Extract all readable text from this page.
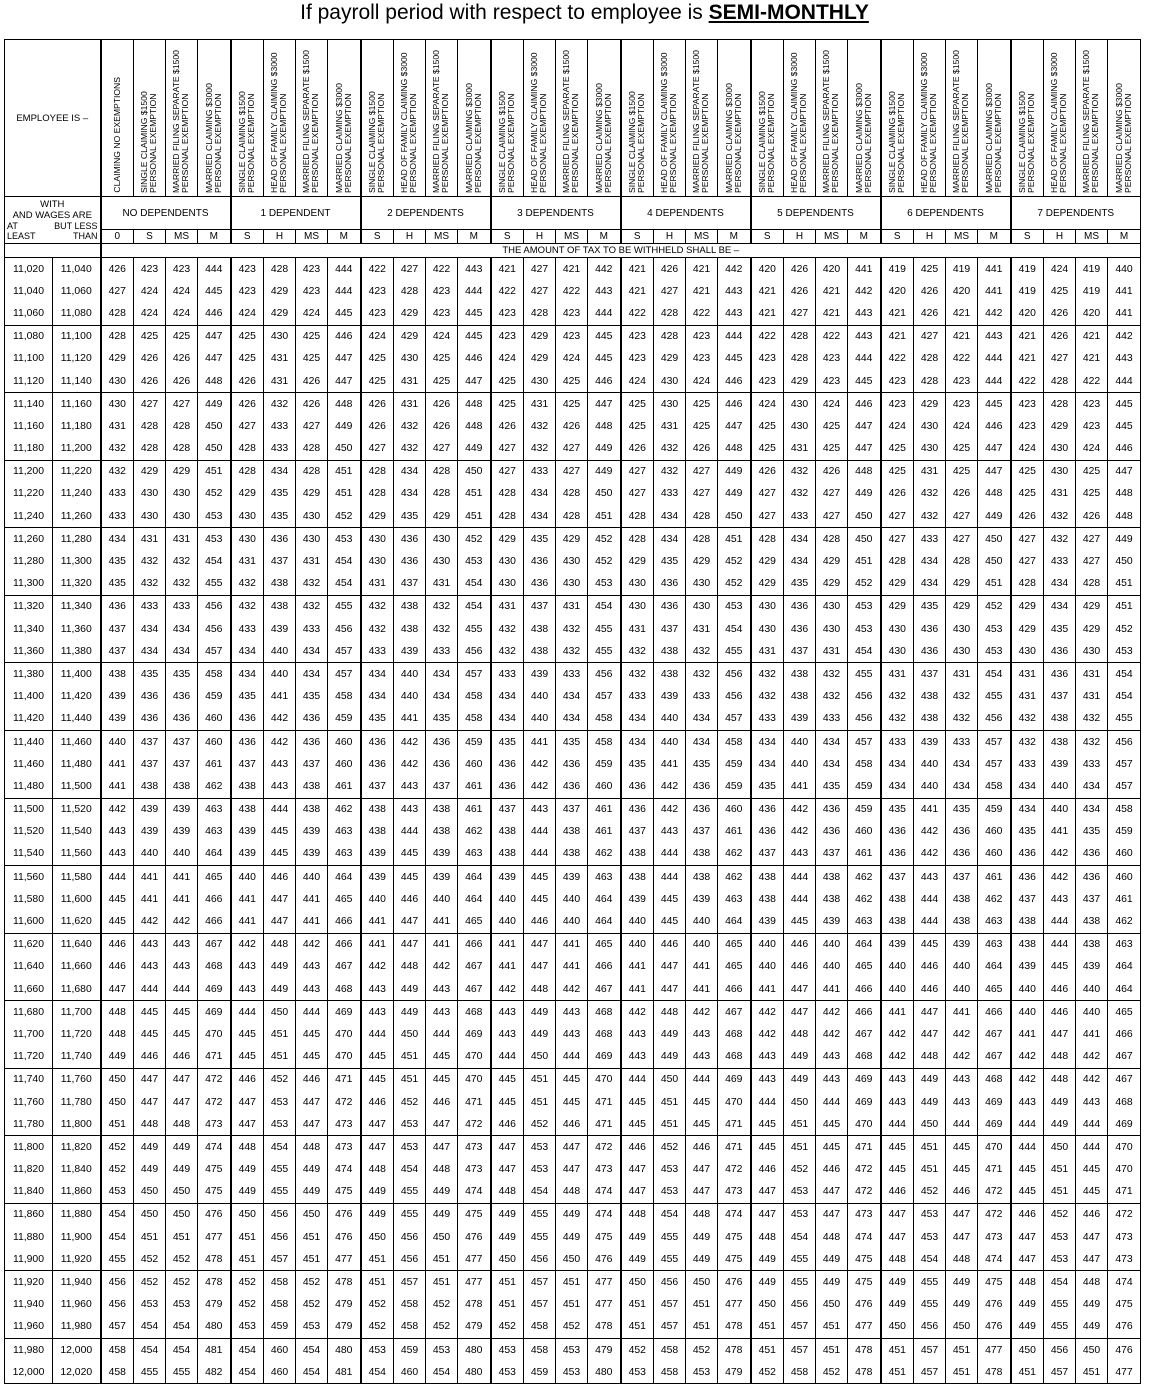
If payroll period with respect to employee is SEMI-MONTHLY
EMPLOYEE IS –		CLAIMING NO EXEMPTIONS	SINGLE CLAIMING $1500 PERSONAL EXEMPTION	MARRIED FILING SEPARATE $1500 PERSONAL EXEMPTION	MARRIED CLAIMING $3000 PERSONAL EXEMPTION	SINGLE CLAIMING $1500 PERSONAL EXEMPTION	HEAD OF FAMILY CLAIMING $3000 PERSONAL EXEMPTION	MARRIED FILING SEPARATE $1500 PERSONAL EXEMPTION	MARRIED CLAIMING $3000 PERSONAL EXEMPTION	SINGLE CLAIMING $1500 PERSONAL EXEMPTION	HEAD OF FAMILY CLAIMING $3000 PERSONAL EXEMPTION	MARRIED FILING SEPARATE $1500 PERSONAL EXEMPTION	MARRIED CLAIMING $3000 PERSONAL EXEMPTION	SINGLE CLAIMING $1500 PERSONAL EXEMPTION	HEAD OF FAMILY CLAIMING $3000 PERSONAL EXEMPTION	MARRIED FILING SEPARATE $1500 PERSONAL EXEMPTION	MARRIED CLAIMING $3000 PERSONAL EXEMPTION	SINGLE CLAIMING $1500 PERSONAL EXEMPTION	HEAD OF FAMILY CLAIMING $3000 PERSONAL EXEMPTION	MARRIED FILING SEPARATE $1500 PERSONAL EXEMPTION	MARRIED CLAIMING $3000 PERSONAL EXEMPTION	SINGLE CLAIMING $1500 PERSONAL EXEMPTION	HEAD OF FAMILY CLAIMING $3000 PERSONAL EXEMPTION	MARRIED FILING SEPARATE $1500 PERSONAL EXEMPTION	MARRIED CLAIMING $3000 PERSONAL EXEMPTION	SINGLE CLAIMING $1500 PERSONAL EXEMPTION	HEAD OF FAMILY CLAIMING $3000 PERSONAL EXEMPTION	MARRIED FILING SEPARATE $1500 PERSONAL EXEMPTION	MARRIED CLAIMING $3000 PERSONAL EXEMPTION	SINGLE CLAIMING $1500 PERSONAL EXEMPTION	HEAD OF FAMILY CLAIMING $3000 PERSONAL EXEMPTION	MARRIED FILING SEPARATE $1500 PERSONAL EXEMPTION	MARRIED CLAIMING $3000 PERSONAL EXEMPTION

WITH
AND WAGES ARE
AT LEAST
BUT LESS THAN		NO DEPENDENTS				1 DEPENDENT				2 DEPENDENTS				3 DEPENDENTS				4 DEPENDENTS				5 DEPENDENTS				6 DEPENDENTS				7 DEPENDENTS			
		0	S	MS	M	S	H	MS	M	S	H	MS	M	S	H	MS	M	S	H	MS	M	S	H	MS	M	S	H	MS	M	S	H	MS	M
		THE AMOUNT OF TAX TO BE WITHHELD SHALL BE –																															
11,020	11,040	426	423	423	444	423	428	423	444	422	427	422	443	421	427	421	442	421	426	421	442	420	426	420	441	419	425	419	441	419	424	419	440
11,040	11,060	427	424	424	445	423	429	423	444	423	428	423	444	422	427	422	443	421	427	421	443	421	426	421	442	420	426	420	441	419	425	419	441
11,060	11,080	428	424	424	446	424	429	424	445	423	429	423	445	423	428	423	444	422	428	422	443	421	427	421	443	421	426	421	442	420	426	420	441
11,080	11,100	428	425	425	447	425	430	425	446	424	429	424	445	423	429	423	445	423	428	423	444	422	428	422	443	421	427	421	443	421	426	421	442
11,100	11,120	429	426	426	447	425	431	425	447	425	430	425	446	424	429	424	445	423	429	423	445	423	428	423	444	422	428	422	444	421	427	421	443
11,120	11,140	430	426	426	448	426	431	426	447	425	431	425	447	425	430	425	446	424	430	424	446	423	429	423	445	423	428	423	444	422	428	422	444
11,140	11,160	430	427	427	449	426	432	426	448	426	431	426	448	425	431	425	447	425	430	425	446	424	430	424	446	423	429	423	445	423	428	423	445
11,160	11,180	431	428	428	450	427	433	427	449	426	432	426	448	426	432	426	448	425	431	425	447	425	430	425	447	424	430	424	446	423	429	423	445
11,180	11,200	432	428	428	450	428	433	428	450	427	432	427	449	427	432	427	449	426	432	426	448	425	431	425	447	425	430	425	447	424	430	424	446
11,200	11,220	432	429	429	451	428	434	428	451	428	434	428	450	427	433	427	449	427	432	427	449	426	432	426	448	425	431	425	447	425	430	425	447
11,220	11,240	433	430	430	452	429	435	429	451	428	434	428	451	428	434	428	450	427	433	427	449	427	432	427	449	426	432	426	448	425	431	425	448
11,240	11,260	433	430	430	453	430	435	430	452	429	435	429	451	428	434	428	451	428	434	428	450	427	433	427	450	427	432	427	449	426	432	426	448
11,260	11,280	434	431	431	453	430	436	430	453	430	436	430	452	429	435	429	452	428	434	428	451	428	434	428	450	427	433	427	450	427	432	427	449
11,280	11,300	435	432	432	454	431	437	431	454	430	436	430	453	430	436	430	452	429	435	429	452	429	434	429	451	428	434	428	450	427	433	427	450
11,300	11,320	435	432	432	455	432	438	432	454	431	437	431	454	430	436	430	453	430	436	430	452	429	435	429	452	429	434	429	451	428	434	428	451
11,320	11,340	436	433	433	456	432	438	432	455	432	438	432	454	431	437	431	454	430	436	430	453	430	436	430	453	429	435	429	452	429	434	429	451
11,340	11,360	437	434	434	456	433	439	433	456	432	438	432	455	432	438	432	455	431	437	431	454	430	436	430	453	430	436	430	453	429	435	429	452
11,360	11,380	437	434	434	457	434	440	434	457	433	439	433	456	432	438	432	455	432	438	432	455	431	437	431	454	430	436	430	453	430	436	430	453
11,380	11,400	438	435	435	458	434	440	434	457	434	440	434	457	433	439	433	456	432	438	432	456	432	438	432	455	431	437	431	454	431	436	431	454
11,400	11,420	439	436	436	459	435	441	435	458	434	440	434	458	434	440	434	457	433	439	433	456	432	438	432	456	432	438	432	455	431	437	431	454
11,420	11,440	439	436	436	460	436	442	436	459	435	441	435	458	434	440	434	458	434	440	434	457	433	439	433	456	432	438	432	456	432	438	432	455
11,440	11,460	440	437	437	460	436	442	436	460	436	442	436	459	435	441	435	458	434	440	434	458	434	440	434	457	433	439	433	457	432	438	432	456
11,460	11,480	441	437	437	461	437	443	437	460	436	442	436	460	436	442	436	459	435	441	435	459	434	440	434	458	434	440	434	457	433	439	433	457
11,480	11,500	441	438	438	462	438	443	438	461	437	443	437	461	436	442	436	460	436	442	436	459	435	441	435	459	434	440	434	458	434	440	434	457
11,500	11,520	442	439	439	463	438	444	438	462	438	443	438	461	437	443	437	461	436	442	436	460	436	442	436	459	435	441	435	459	434	440	434	458
11,520	11,540	443	439	439	463	439	445	439	463	438	444	438	462	438	444	438	461	437	443	437	461	436	442	436	460	436	442	436	460	435	441	435	459
11,540	11,560	443	440	440	464	439	445	439	463	439	445	439	463	438	444	438	462	438	444	438	462	437	443	437	461	436	442	436	460	436	442	436	460
11,560	11,580	444	441	441	465	440	446	440	464	439	445	439	464	439	445	439	463	438	444	438	462	438	444	438	462	437	443	437	461	436	442	436	460
11,580	11,600	445	441	441	466	441	447	441	465	440	446	440	464	440	445	440	464	439	445	439	463	438	444	438	462	438	444	438	462	437	443	437	461
11,600	11,620	445	442	442	466	441	447	441	466	441	447	441	465	440	446	440	464	440	445	440	464	439	445	439	463	438	444	438	463	438	444	438	462
11,620	11,640	446	443	443	467	442	448	442	466	441	447	441	466	441	447	441	465	440	446	440	465	440	446	440	464	439	445	439	463	438	444	438	463
11,640	11,660	446	443	443	468	443	449	443	467	442	448	442	467	441	447	441	466	441	447	441	465	440	446	440	465	440	446	440	464	439	445	439	464
11,660	11,680	447	444	444	469	443	449	443	468	443	449	443	467	442	448	442	467	441	447	441	466	441	447	441	466	440	446	440	465	440	446	440	464
11,680	11,700	448	445	445	469	444	450	444	469	443	449	443	468	443	449	443	468	442	448	442	467	442	447	442	466	441	447	441	466	440	446	440	465
11,700	11,720	448	445	445	470	445	451	445	470	444	450	444	469	443	449	443	468	443	449	443	468	442	448	442	467	442	447	442	467	441	447	441	466
11,720	11,740	449	446	446	471	445	451	445	470	445	451	445	470	444	450	444	469	443	449	443	468	443	449	443	468	442	448	442	467	442	448	442	467
11,740	11,760	450	447	447	472	446	452	446	471	445	451	445	470	445	451	445	470	444	450	444	469	443	449	443	469	443	449	443	468	442	448	442	467
11,760	11,780	450	447	447	472	447	453	447	472	446	452	446	471	445	451	445	471	445	451	445	470	444	450	444	469	443	449	443	469	443	449	443	468
11,780	11,800	451	448	448	473	447	453	447	473	447	453	447	472	446	452	446	471	445	451	445	471	445	451	445	470	444	450	444	469	444	449	444	469
11,800	11,820	452	449	449	474	448	454	448	473	447	453	447	473	447	453	447	472	446	452	446	471	445	451	445	471	445	451	445	470	444	450	444	470
11,820	11,840	452	449	449	475	449	455	449	474	448	454	448	473	447	453	447	473	447	453	447	472	446	452	446	472	445	451	445	471	445	451	445	470
11,840	11,860	453	450	450	475	449	455	449	475	449	455	449	474	448	454	448	474	447	453	447	473	447	453	447	472	446	452	446	472	445	451	445	471
11,860	11,880	454	450	450	476	450	456	450	476	449	455	449	475	449	455	449	474	448	454	448	474	447	453	447	473	447	453	447	472	446	452	446	472
11,880	11,900	454	451	451	477	451	456	451	476	450	456	450	476	449	455	449	475	449	455	449	475	448	454	448	474	447	453	447	473	447	453	447	473
11,900	11,920	455	452	452	478	451	457	451	477	451	456	451	477	450	456	450	476	449	455	449	475	449	455	449	475	448	454	448	474	447	453	447	473
11,920	11,940	456	452	452	478	452	458	452	478	451	457	451	477	451	457	451	477	450	456	450	476	449	455	449	475	449	455	449	475	448	454	448	474
11,940	11,960	456	453	453	479	452	458	452	479	452	458	452	478	451	457	451	477	451	457	451	477	450	456	450	476	449	455	449	476	449	455	449	475
11,960	11,980	457	454	454	480	453	459	453	479	452	458	452	479	452	458	452	478	451	457	451	478	451	457	451	477	450	456	450	476	449	455	449	476
11,980	12,000	458	454	454	481	454	460	454	480	453	459	453	480	453	458	453	479	452	458	452	478	451	457	451	478	451	457	451	477	450	456	450	476
12,000	12,020	458	455	455	482	454	460	454	481	454	460	454	480	453	459	453	480	453	458	453	479	452	458	452	478	451	457	451	478	451	457	451	477
